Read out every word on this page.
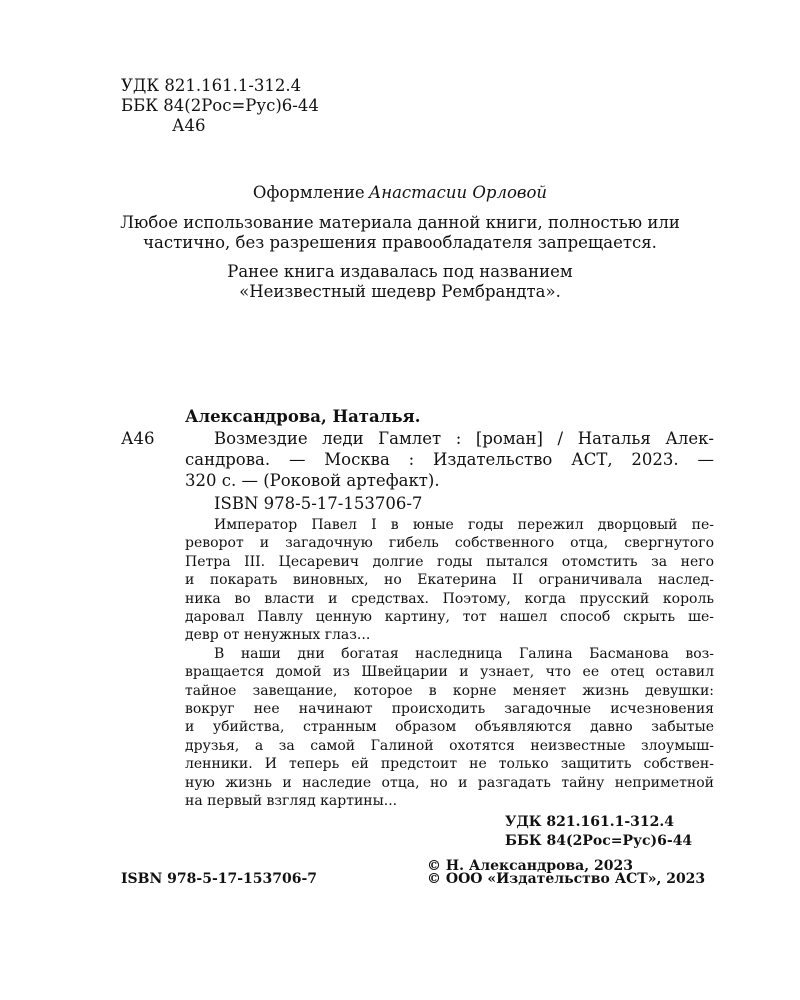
УДК 821.161.1-312.4
ББК 84(2Рос=Рус)6-44
А46
Оформление Анастасии Орловой
Любое использование материала данной книги, полностью или
частично, без разрешения правообладателя запрещается.
Ранее книга издавалась под названием
«Неизвестный шедевр Рембрандта».
Александрова, Наталья.
А46	Возмездие леди Гамлет : [роман] / Наталья Алек-
сандрова. — Москва : Издательство АСТ, 2023. —
320 с. — (Роковой артефакт).
ISBN 978-5-17-153706-7
Император Павел I в юные годы пережил дворцовый пе-
реворот и загадочную гибель собственного отца, свергнутого
Петра III. Цесаревич долгие годы пытался отомстить за него
и покарать виновных, но Екатерина II ограничивала наслед-
ника во власти и средствах. Поэтому, когда прусский король
даровал Павлу ценную картину, тот нашел способ скрыть ше-
девр от ненужных глаз...
В наши дни богатая наследница Галина Басманова воз-
вращается домой из Швейцарии и узнает, что ее отец оставил
тайное завещание, которое в корне меняет жизнь девушки:
вокруг нее начинают происходить загадочные исчезновения
и убийства, странным образом объявляются давно забытые
друзья, а за самой Галиной охотятся неизвестные злоумыш-
ленники. И теперь ей предстоит не только защитить собствен-
ную жизнь и наследие отца, но и разгадать тайну неприметной
на первый взгляд картины...
УДК 821.161.1-312.4
ББК 84(2Рос=Рус)6-44
© Н. Александрова, 2023
ISBN 978-5-17-153706-7	© ООО «Издательство АСТ», 2023
